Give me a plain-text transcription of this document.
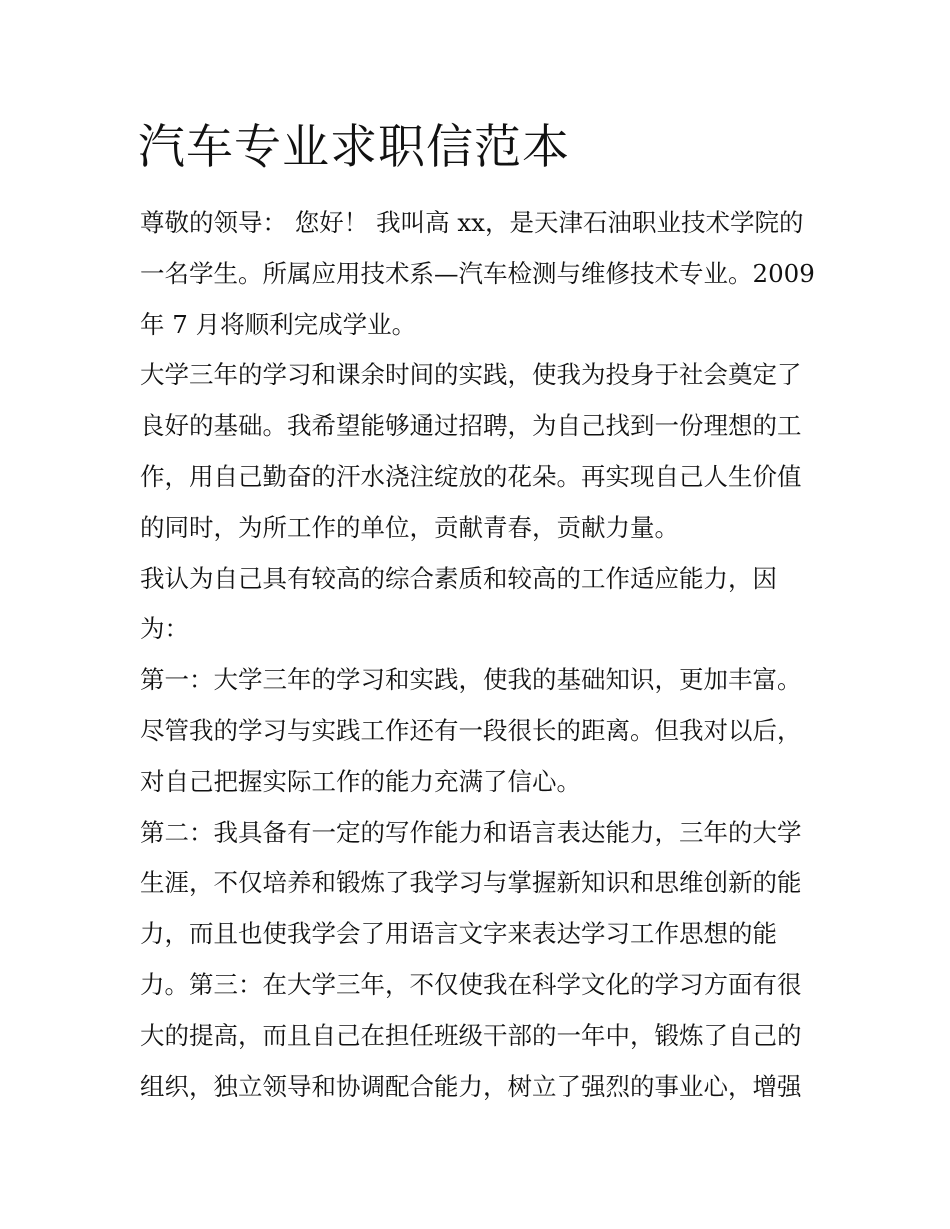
汽车专业求职信范本
尊敬的领导： 您好！ 我叫高 xx，是天津石油职业技术学院的
一名学生。所属应用技术系—汽车检测与维修技术专业。2009
年 7 月将顺利完成学业。
大学三年的学习和课余时间的实践，使我为投身于社会奠定了
良好的基础。我希望能够通过招聘，为自己找到一份理想的工
作，用自己勤奋的汗水浇注绽放的花朵。再实现自己人生价值
的同时，为所工作的单位，贡献青春，贡献力量。
我认为自己具有较高的综合素质和较高的工作适应能力，因
为：
第一：大学三年的学习和实践，使我的基础知识，更加丰富。
尽管我的学习与实践工作还有一段很长的距离。但我对以后，
对自己把握实际工作的能力充满了信心。
第二：我具备有一定的写作能力和语言表达能力，三年的大学
生涯，不仅培养和锻炼了我学习与掌握新知识和思维创新的能
力，而且也使我学会了用语言文字来表达学习工作思想的能
力。第三：在大学三年，不仅使我在科学文化的学习方面有很
大的提高，而且自己在担任班级干部的一年中，锻炼了自己的
组织，独立领导和协调配合能力，树立了强烈的事业心，增强
